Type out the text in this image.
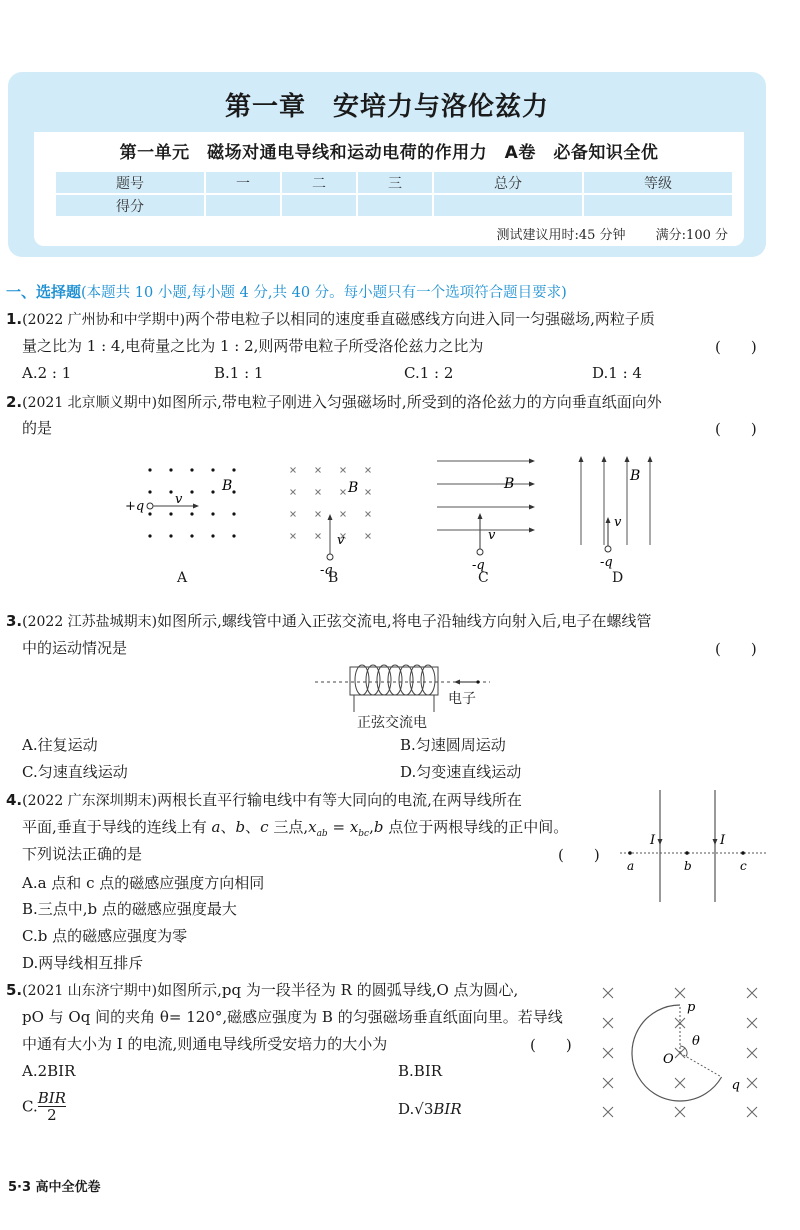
第一章　安培力与洛伦兹力
第一单元　磁场对通电导线和运动电荷的作用力　A卷　必备知识全优
题号	一	二	三	总分	等级
得分					
测试建议用时:45 分钟 满分:100 分
一、选择题(本题共 10 小题,每小题 4 分,共 40 分。每小题只有一个选项符合题目要求)
1.(2022 广州协和中学期中)两个带电粒子以相同的速度垂直磁感线方向进入同一匀强磁场,两粒子质
量之比为 1 : 4,电荷量之比为 1 : 2,则两带电粒子所受洛伦兹力之比为	(　　)
A.2 : 1	B.1 : 1	C.1 : 2	D.1 : 4
2.(2021 北京顺义期中)如图所示,带电粒子刚进入匀强磁场时,所受到的洛伦兹力的方向垂直纸面向外
的是	(　　)
v
B
+q
A
v
B
-q
B
B
v
-q
C
B
v
-q
D
3.(2022 江苏盐城期末)如图所示,螺线管中通入正弦交流电,将电子沿轴线方向射入后,电子在螺线管
中的运动情况是	(　　)
电子
正弦交流电
A.往复运动	B.匀速圆周运动
C.匀速直线运动	D.匀变速直线运动
4.(2022 广东深圳期末)两根长直平行输电线中有等大同向的电流,在两导线所在
平面,垂直于导线的连线上有 a、b、c 三点$,x_{ab} = x_{bc},b$ 点位于两根导线的正中间。
下列说法正确的是	(　　)
I	I
a	b	c
A.a 点和 c 点的磁感应强度方向相同
B.三点中,b 点的磁感应强度最大
C.b 点的磁感应强度为零
D.两导线相互排斥
5.(2021 山东济宁期中)如图所示,pq 为一段半径为 R 的圆弧导线,O 点为圆心,
pO 与 Oq 间的夹角 θ= 120°,磁感应强度为 B 的匀强磁场垂直纸面向里。若导线
中通有大小为 I 的电流,则通电导线所受安培力的大小为	(　　)
A.2BIR	B.BIR
C. BIR
2	D.√3BIR
p
q
O
θ
5·3 高中全优卷
